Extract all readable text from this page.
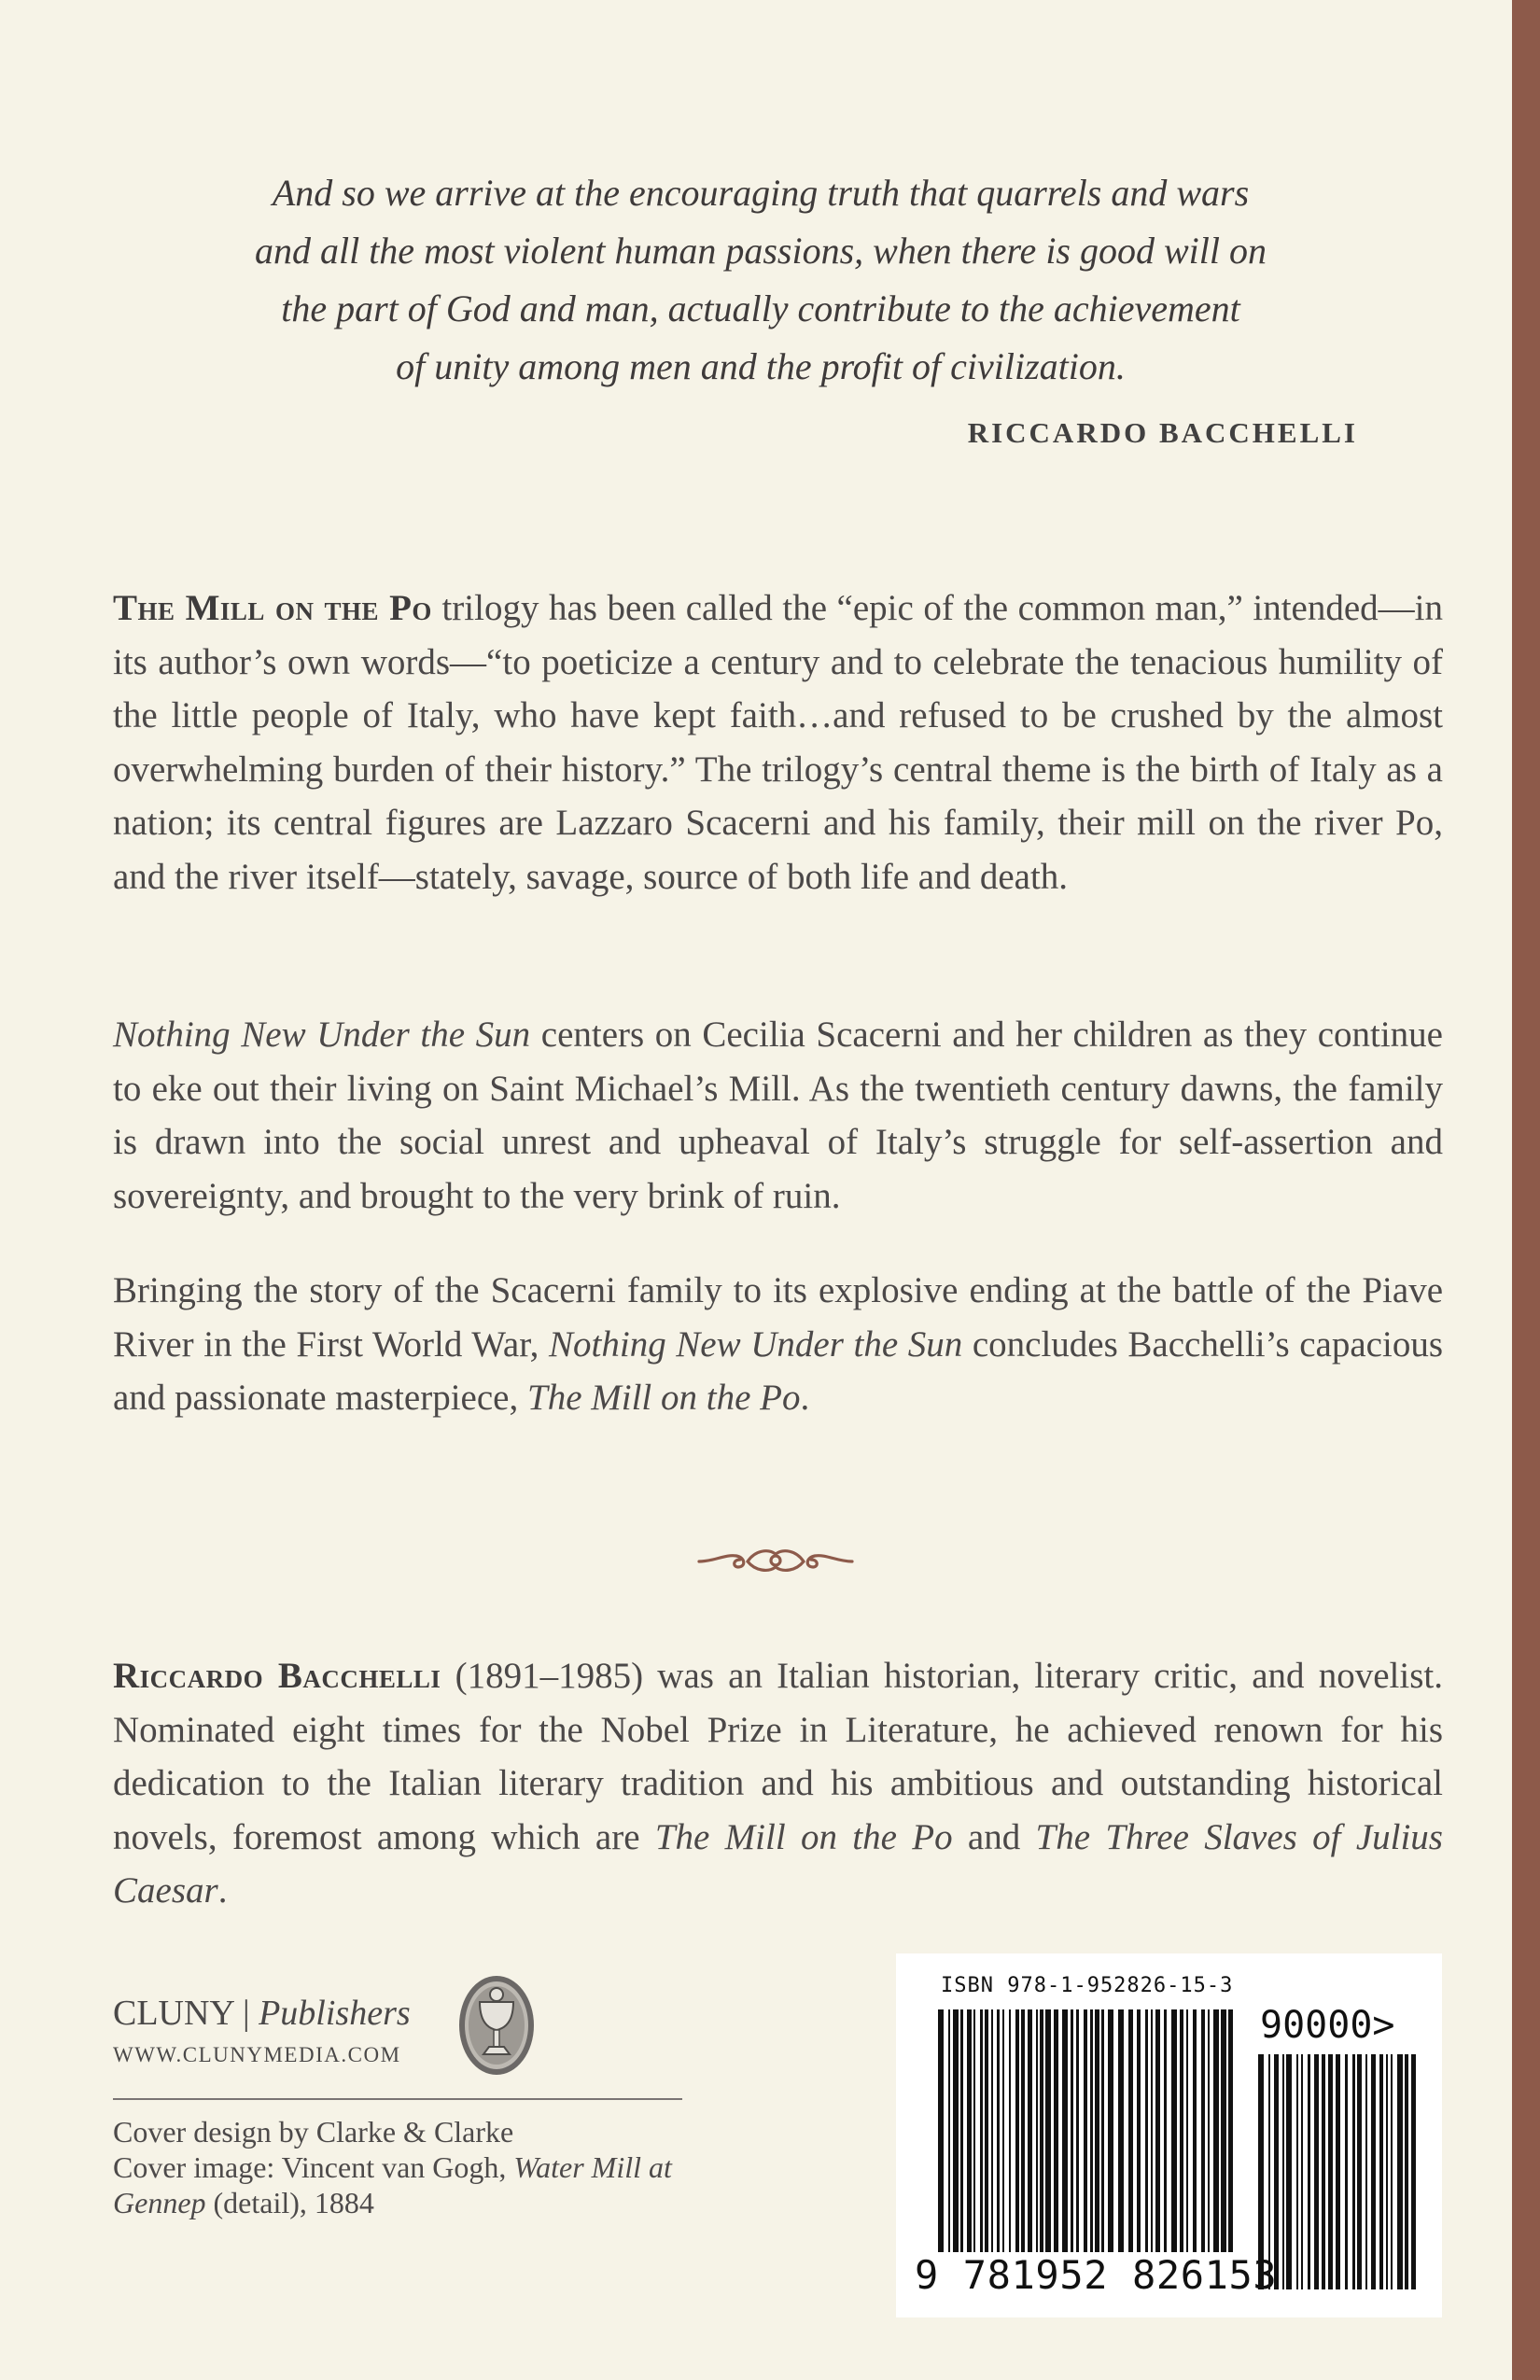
And so we arrive at the encouraging truth that quarrels and wars
and all the most violent human passions, when there is good will on
the part of God and man, actually contribute to the achievement
of unity among men and the profit of civilization.
RICCARDO BACCHELLI

The Mill on the Po trilogy has been called the “epic of the common man,” intended—in its author’s own words—“to poeticize a century and to celebrate the tenacious humility of the little people of Italy, who have kept faith…and refused to be crushed by the almost overwhelming burden of their history.” The trilogy’s central theme is the birth of Italy as a nation; its central figures are Lazzaro Scacerni and his family, their mill on the river Po, and the river itself—stately, savage, source of both life and death.

Nothing New Under the Sun centers on Cecilia Scacerni and her children as they continue to eke out their living on Saint Michael’s Mill. As the twentieth century dawns, the family is drawn into the social unrest and upheaval of Italy’s struggle for self-assertion and sovereignty, and brought to the very brink of ruin.

Bringing the story of the Scacerni family to its explosive ending at the battle of the Piave River in the First World War, Nothing New Under the Sun concludes Bacchelli’s capacious and passionate masterpiece, The Mill on the Po.

Riccardo Bacchelli (1891–1985) was an Italian historian, literary critic, and novelist. Nominated eight times for the Nobel Prize in Literature, he achieved renown for his dedication to the Italian literary tradition and his ambitious and outstanding historical novels, foremost among which are The Mill on the Po and The Three Slaves of Julius Caesar.

CLUNY | Publishers
WWW.CLUNYMEDIA.COM
Cover design by Clarke & Clarke
Cover image: Vincent van Gogh, Water Mill at Gennep (detail), 1884
ISBN 978-1-952826-15-3
90000>
9 781952 826153
